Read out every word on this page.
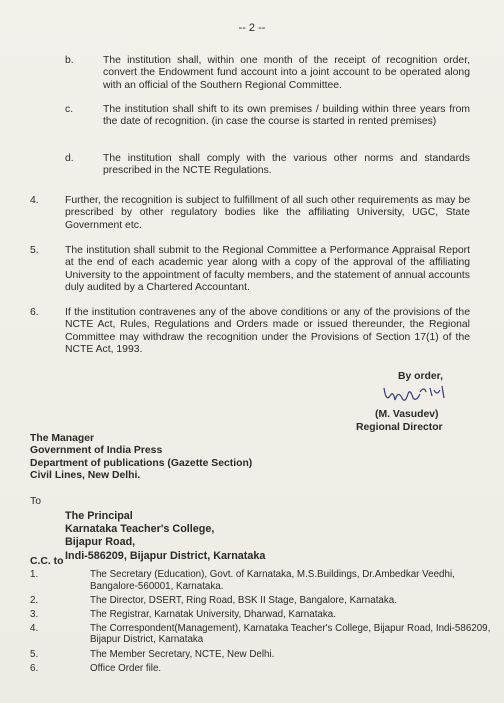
-- 2 --
b.	The institution shall, within one month of the receipt of recognition order, convert the Endowment fund account into a joint account to be operated along with an official of the Southern Regional Committee.
c.	The institution shall shift to its own premises / building within three years from the date of recognition. (in case the course is started in rented premises)
d.	The institution shall comply with the various other norms and standards prescribed in the NCTE Regulations.
4.	Further, the recognition is subject to fulfillment of all such other requirements as may be prescribed by other regulatory bodies like the affiliating University, UGC, State Government etc.
5.	The institution shall submit to the Regional Committee a Performance Appraisal Report at the end of each academic year along with a copy of the approval of the affiliating University to the appointment of faculty members, and the statement of annual accounts duly audited by a Chartered Accountant.
6.	If the institution contravenes any of the above conditions or any of the provisions of the NCTE Act, Rules, Regulations and Orders made or issued thereunder, the Regional Committee may withdraw the recognition under the Provisions of Section 17(1) of the NCTE Act, 1993.
By order,
(M. Vasudev)
Regional Director
The Manager
Government of India Press
Department of publications (Gazette Section)
Civil Lines, New Delhi.
To
The Principal
Karnataka Teacher's College,
Bijapur Road,
Indi-586209, Bijapur District, Karnataka
C.C. to
1.	The Secretary (Education), Govt. of Karnataka, M.S.Buildings, Dr.Ambedkar Veedhi, Bangalore-560001, Karnataka.
2.	The Director, DSERT, Ring Road, BSK II Stage, Bangalore, Karnataka.
3.	The Registrar, Karnatak University, Dharwad, Karnataka.
4.	The Correspondent(Management), Karnataka Teacher's College, Bijapur Road, Indi-586209, Bijapur District, Karnataka
5.	The Member Secretary, NCTE, New Delhi.
6.	Office Order file.
